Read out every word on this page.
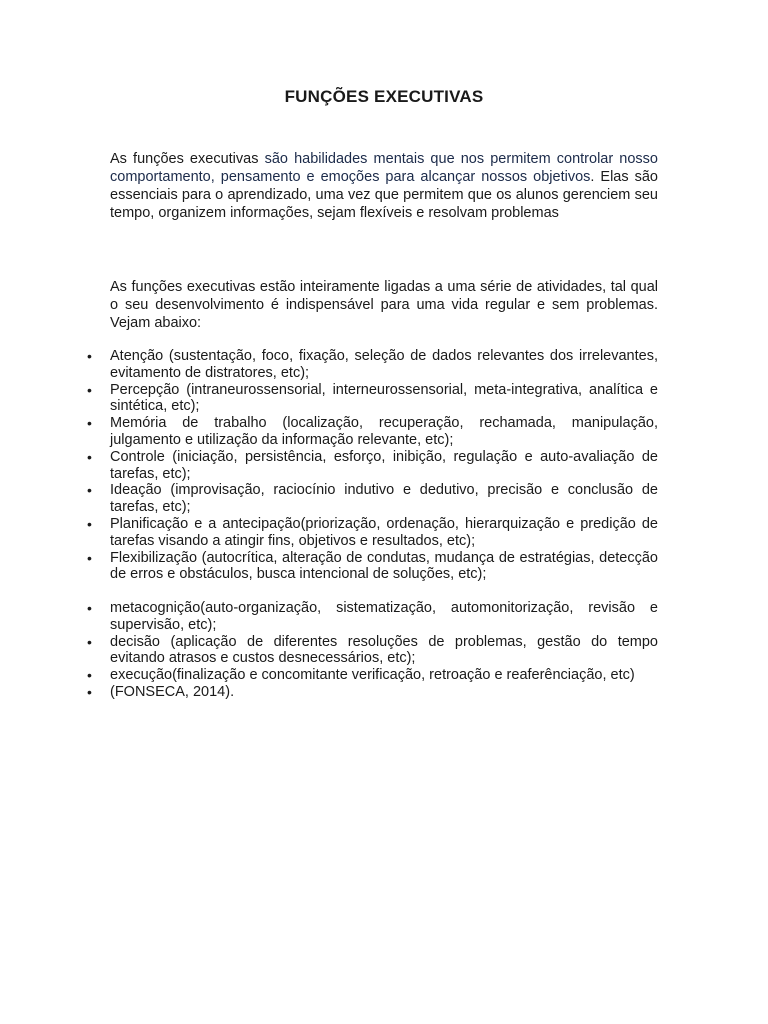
FUNÇÕES EXECUTIVAS

As funções executivas são habilidades mentais que nos permitem controlar nosso comportamento, pensamento e emoções para alcançar nossos objetivos. Elas são essenciais para o aprendizado, uma vez que permitem que os alunos gerenciem seu tempo, organizem informações, sejam flexíveis e resolvam problemas

As funções executivas estão inteiramente ligadas a uma série de atividades, tal qual o seu desenvolvimento é indispensável para uma vida regular e sem problemas. Vejam abaixo:

• Atenção (sustentação, foco, fixação, seleção de dados relevantes dos irrelevantes, evitamento de distratores, etc);
• Percepção (intraneurossensorial, interneurossensorial, meta-integrativa, analítica e sintética, etc);
• Memória de trabalho (localização, recuperação, rechamada, manipulação, julgamento e utilização da informação relevante, etc);
• Controle (iniciação, persistência, esforço, inibição, regulação e auto-avaliação de tarefas, etc);
• Ideação (improvisação, raciocínio indutivo e dedutivo, precisão e conclusão de tarefas, etc);
• Planificação e a antecipação(priorização, ordenação, hierarquização e predição de tarefas visando a atingir fins, objetivos e resultados, etc);
• Flexibilização (autocrítica, alteração de condutas, mudança de estratégias, detecção de erros e obstáculos, busca intencional de soluções, etc);
• metacognição(auto-organização, sistematização, automonitorização, revisão e supervisão, etc);
• decisão (aplicação de diferentes resoluções de problemas, gestão do tempo evitando atrasos e custos desnecessários, etc);
• execução(finalização e concomitante verificação, retroação e reaferênciação, etc)
• (FONSECA, 2014).
